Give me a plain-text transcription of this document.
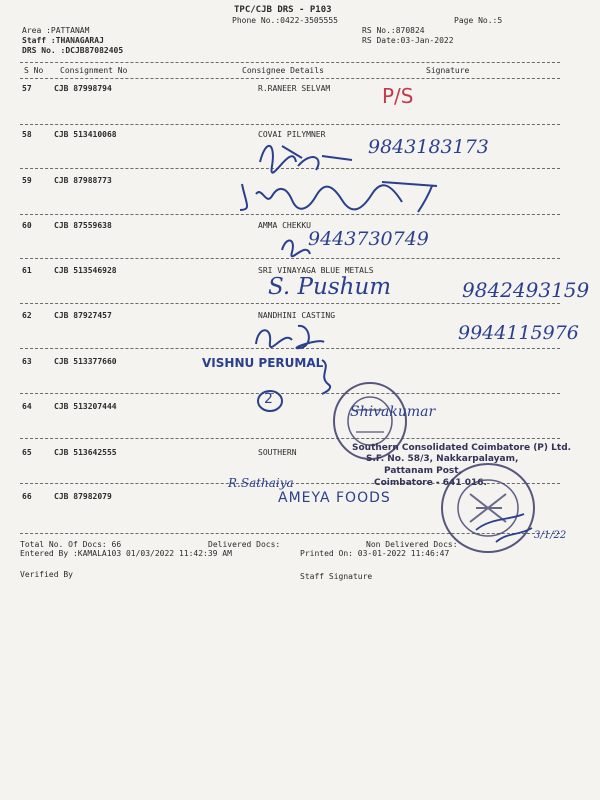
TPC/CJB DRS - P103
Phone No.:0422-3505555	Page No.:5
Area :PATTANAM
Staff :THANAGARAJ
RS No.:870824
RS Date:03-Jan-2022
DRS No. :DCJB87082405
S No Consignment No	Consignee Details	Signature
57	CJB 87998794	R.RANEER SELVAM
58	CJB 513410068	COVAI PILYMNER
59	CJB 87988773
60	CJB 87559638	AMMA CHEKKU
61	CJB 513546928	SRI VINAYAGA BLUE METALS
62	CJB 87927457	NANDHINI CASTING
63	CJB 513377660
64	CJB 513207444
65	CJB 513642555	SOUTHERN
66	CJB 87982079
P/S
9843183173
9443730749
S. Pushum	9842493159
9944115976
VISHNU PERUMAL
2
Shivakumar
Southern Consolidated Coimbatore (P) Ltd.
S.F. No. 58/3, Nakkarpalayam,
Pattanam Post,
Coimbatore - 641 016.
R.Sathaiya
AMEYA FOODS
3/1/22
Total No. Of Docs: 66	Delivered Docs:	Non Delivered Docs:
Entered By :KAMALA103 01/03/2022 11:42:39 AM	Printed On: 03-01-2022 11:46:47
Verified By	Staff Signature
